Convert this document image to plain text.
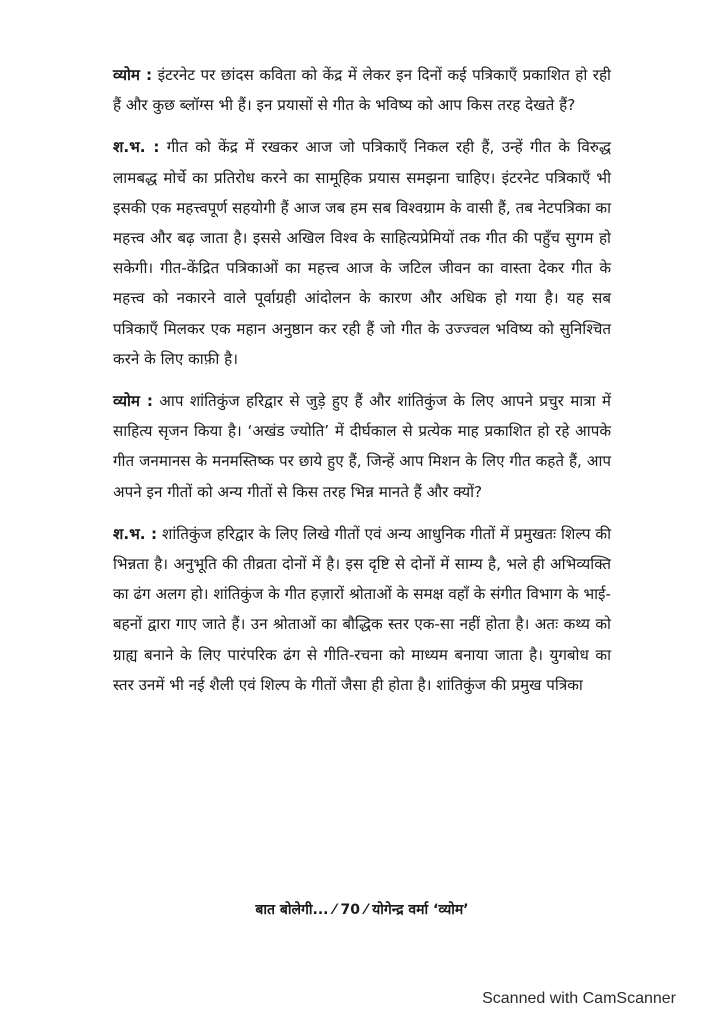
व्योम : इंटरनेट पर छांदस कविता को केंद्र में लेकर इन दिनों कई पत्रिकाएँ प्रकाशित हो रही हैं और कुछ ब्लॉग्स भी हैं। इन प्रयासों से गीत के भविष्य को आप किस तरह देखते हैं?

श.भ. : गीत को केंद्र में रखकर आज जो पत्रिकाएँ निकल रही हैं, उन्हें गीत के विरुद्ध लामबद्ध मोर्चे का प्रतिरोध करने का सामूहिक प्रयास समझना चाहिए। इंटरनेट पत्रिकाएँ भी इसकी एक महत्त्वपूर्ण सहयोगी हैं आज जब हम सब विश्वग्राम के वासी हैं, तब नेटपत्रिका का महत्त्व और बढ़ जाता है। इससे अखिल विश्व के साहित्यप्रेमियों तक गीत की पहुँच सुगम हो सकेगी। गीत-केंद्रित पत्रिकाओं का महत्त्व आज के जटिल जीवन का वास्ता देकर गीत के महत्त्व को नकारने वाले पूर्वाग्रही आंदोलन के कारण और अधिक हो गया है। यह सब पत्रिकाएँ मिलकर एक महान अनुष्ठान कर रही हैं जो गीत के उज्ज्वल भविष्य को सुनिश्चित करने के लिए काफ़ी है।

व्योम : आप शांतिकुंज हरिद्वार से जुड़े हुए हैं और शांतिकुंज के लिए आपने प्रचुर मात्रा में साहित्य सृजन किया है। ‘अखंड ज्योति’ में दीर्घकाल से प्रत्येक माह प्रकाशित हो रहे आपके गीत जनमानस के मनमस्तिष्क पर छाये हुए हैं, जिन्हें आप मिशन के लिए गीत कहते हैं, आप अपने इन गीतों को अन्य गीतों से किस तरह भिन्न मानते हैं और क्यों?

श.भ. : शांतिकुंज हरिद्वार के लिए लिखे गीतों एवं अन्य आधुनिक गीतों में प्रमुखतः शिल्प की भिन्नता है। अनुभूति की तीव्रता दोनों में है। इस दृष्टि से दोनों में साम्य है, भले ही अभिव्यक्ति का ढंग अलग हो। शांतिकुंज के गीत हज़ारों श्रोताओं के समक्ष वहाँ के संगीत विभाग के भाई-बहनों द्वारा गाए जाते हैं। उन श्रोताओं का बौद्धिक स्तर एक-सा नहीं होता है। अतः कथ्य को ग्राह्य बनाने के लिए पारंपरिक ढंग से गीति-रचना को माध्यम बनाया जाता है। युगबोध का स्तर उनमें भी नई शैली एवं शिल्प के गीतों जैसा ही होता है। शांतिकुंज की प्रमुख पत्रिका

बात बोलेगी... ⁄ 70 ⁄ योगेन्द्र वर्मा ‘व्योम’
Scanned with CamScanner
